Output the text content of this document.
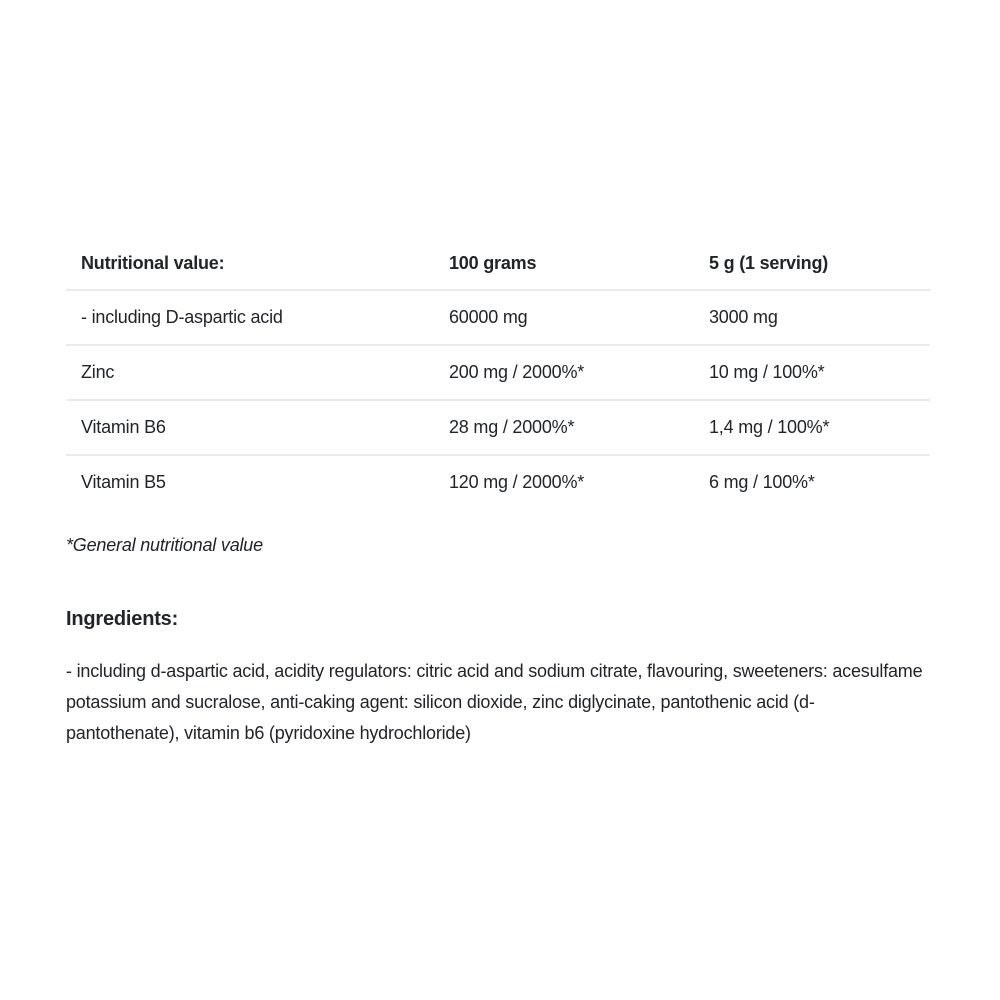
Nutritional value:	100 grams	5 g (1 serving)
- including D-aspartic acid	60000 mg	3000 mg
Zinc	200 mg / 2000%*	10 mg / 100%*
Vitamin B6	28 mg / 2000%*	1,4 mg / 100%*
Vitamin B5	120 mg / 2000%*	6 mg / 100%*
*General nutritional value
Ingredients:
- including d-aspartic acid, acidity regulators: citric acid and sodium citrate, flavouring, sweeteners: acesulfame potassium and sucralose, anti-caking agent: silicon dioxide, zinc diglycinate, pantothenic acid (d-pantothenate), vitamin b6 (pyridoxine hydrochloride)
